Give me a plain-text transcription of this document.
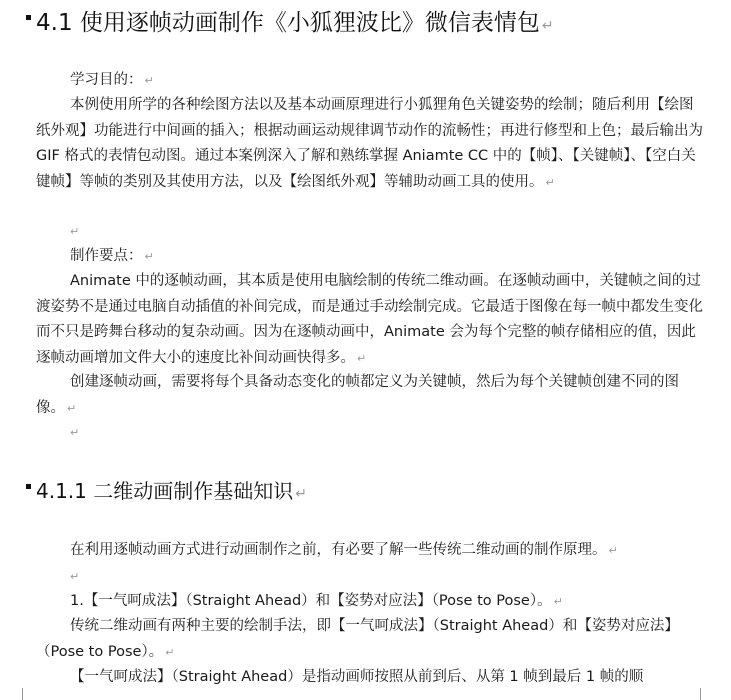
4.1 使用逐帧动画制作《小狐狸波比》微信表情包 ↵
学习目的： ↵
本例使用所学的各种绘图方法以及基本动画原理进行小狐狸角色关键姿势的绘制；随后利用【绘图纸外观】功能进行中间画的插入；根据动画运动规律调节动作的流畅性；再进行修型和上色；最后输出为 GIF 格式的表情包动图。通过本案例深入了解和熟练掌握 Aniamte CC 中的【帧】、【关键帧】、【空白关键帧】等帧的类别及其使用方法，以及【绘图纸外观】等辅助动画工具的使用。 ↵
↵
制作要点： ↵
Animate 中的逐帧动画，其本质是使用电脑绘制的传统二维动画。在逐帧动画中，关键帧之间的过渡姿势不是通过电脑自动插值的补间完成，而是通过手动绘制完成。它最适于图像在每一帧中都发生变化而不只是跨舞台移动的复杂动画。因为在逐帧动画中，Animate 会为每个完整的帧存储相应的值，因此逐帧动画增加文件大小的速度比补间动画快得多。 ↵
创建逐帧动画，需要将每个具备动态变化的帧都定义为关键帧，然后为每个关键帧创建不同的图像。 ↵
↵
4.1.1 二维动画制作基础知识 ↵
在利用逐帧动画方式进行动画制作之前，有必要了解一些传统二维动画的制作原理。 ↵
↵
1.【一气呵成法】（Straight Ahead）和【姿势对应法】（Pose to Pose）。 ↵
传统二维动画有两种主要的绘制手法，即【一气呵成法】（Straight Ahead）和【姿势对应法】（Pose to Pose）。 ↵
【一气呵成法】（Straight Ahead）是指动画师按照从前到后、从第 1 帧到最后 1 帧的顺
